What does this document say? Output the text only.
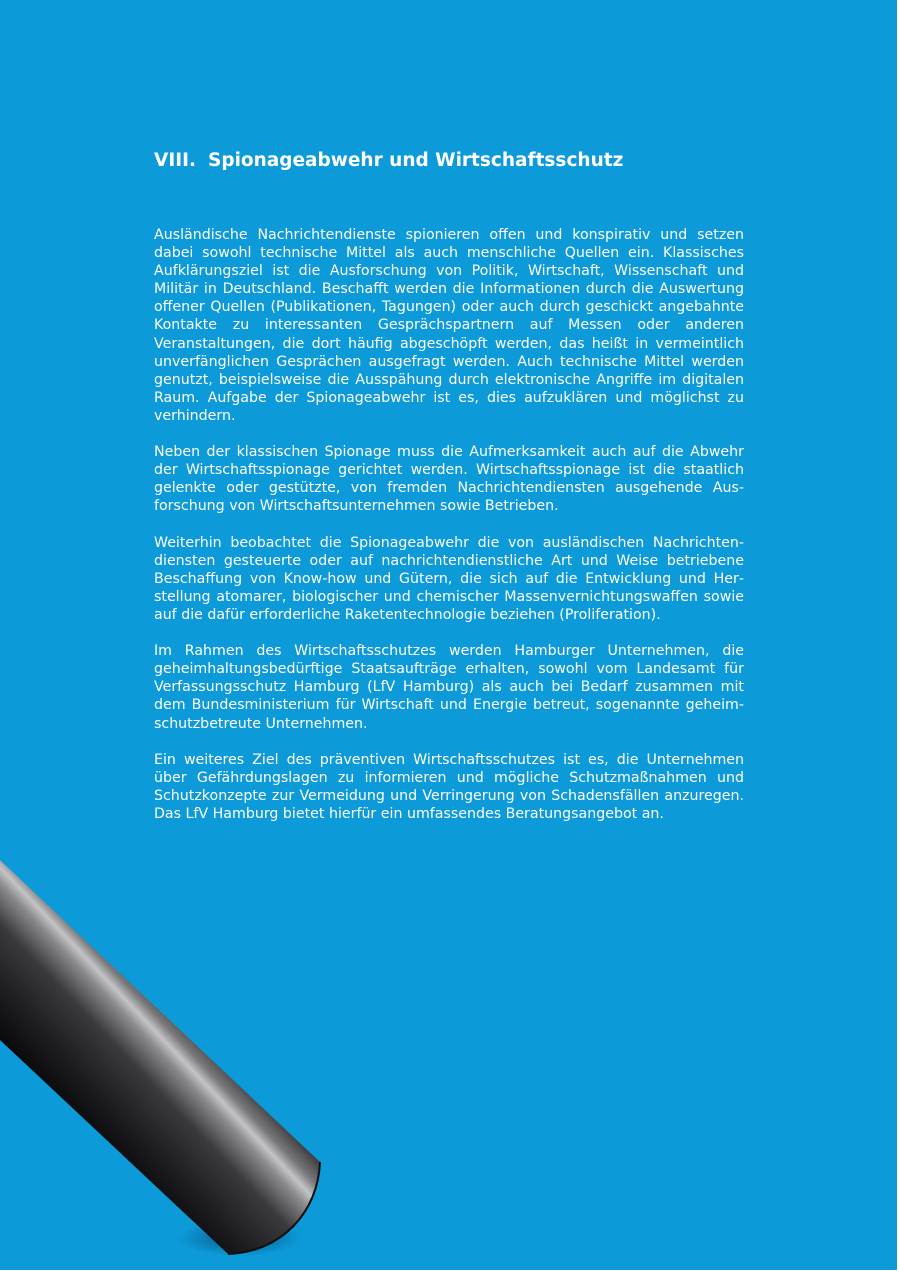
VIII. Spionageabwehr und Wirtschaftsschutz

Ausländische Nachrichtendienste spionieren offen und konspirativ und setzen dabei sowohl technische Mittel als auch menschliche Quellen ein. Klassisches Aufklärungsziel ist die Ausforschung von Politik, Wirtschaft, Wissenschaft und Militär in Deutschland. Beschafft werden die Informationen durch die Auswertung offener Quellen (Publikationen, Tagungen) oder auch durch geschickt angebahnte Kontakte zu interessanten Gesprächspartnern auf Messen oder anderen Veranstaltungen, die dort häufig abgeschöpft werden, das heißt in vermeintlich unverfänglichen Gesprächen ausgefragt werden. Auch technische Mittel werden genutzt, beispielsweise die Ausspähung durch elektronische Angriffe im digitalen Raum. Aufgabe der Spionageabwehr ist es, dies aufzuklären und möglichst zu verhindern.

Neben der klassischen Spionage muss die Aufmerksamkeit auch auf die Abwehr der Wirtschaftsspionage gerichtet werden. Wirtschaftsspionage ist die staatlich gelenkte oder gestützte, von fremden Nachrichtendiensten ausgehende Ausforschung von Wirtschaftsunternehmen sowie Betrieben.

Weiterhin beobachtet die Spionageabwehr die von ausländischen Nachrichtendiensten gesteuerte oder auf nachrichtendienstliche Art und Weise betriebene Beschaffung von Know-how und Gütern, die sich auf die Entwicklung und Herstellung atomarer, biologischer und chemischer Massenvernichtungswaffen sowie auf die dafür erforderliche Raketentechnologie beziehen (Proliferation).

Im Rahmen des Wirtschaftsschutzes werden Hamburger Unternehmen, die geheimhaltungsbedürftige Staatsaufträge erhalten, sowohl vom Landesamt für Verfassungsschutz Hamburg (LfV Hamburg) als auch bei Bedarf zusammen mit dem Bundesministerium für Wirtschaft und Energie betreut, sogenannte geheimschutzbetreute Unternehmen.

Ein weiteres Ziel des präventiven Wirtschaftsschutzes ist es, die Unternehmen über Gefährdungslagen zu informieren und mögliche Schutzmaßnahmen und Schutzkonzepte zur Vermeidung und Verringerung von Schadensfällen anzuregen. Das LfV Hamburg bietet hierfür ein umfassendes Beratungsangebot an.
